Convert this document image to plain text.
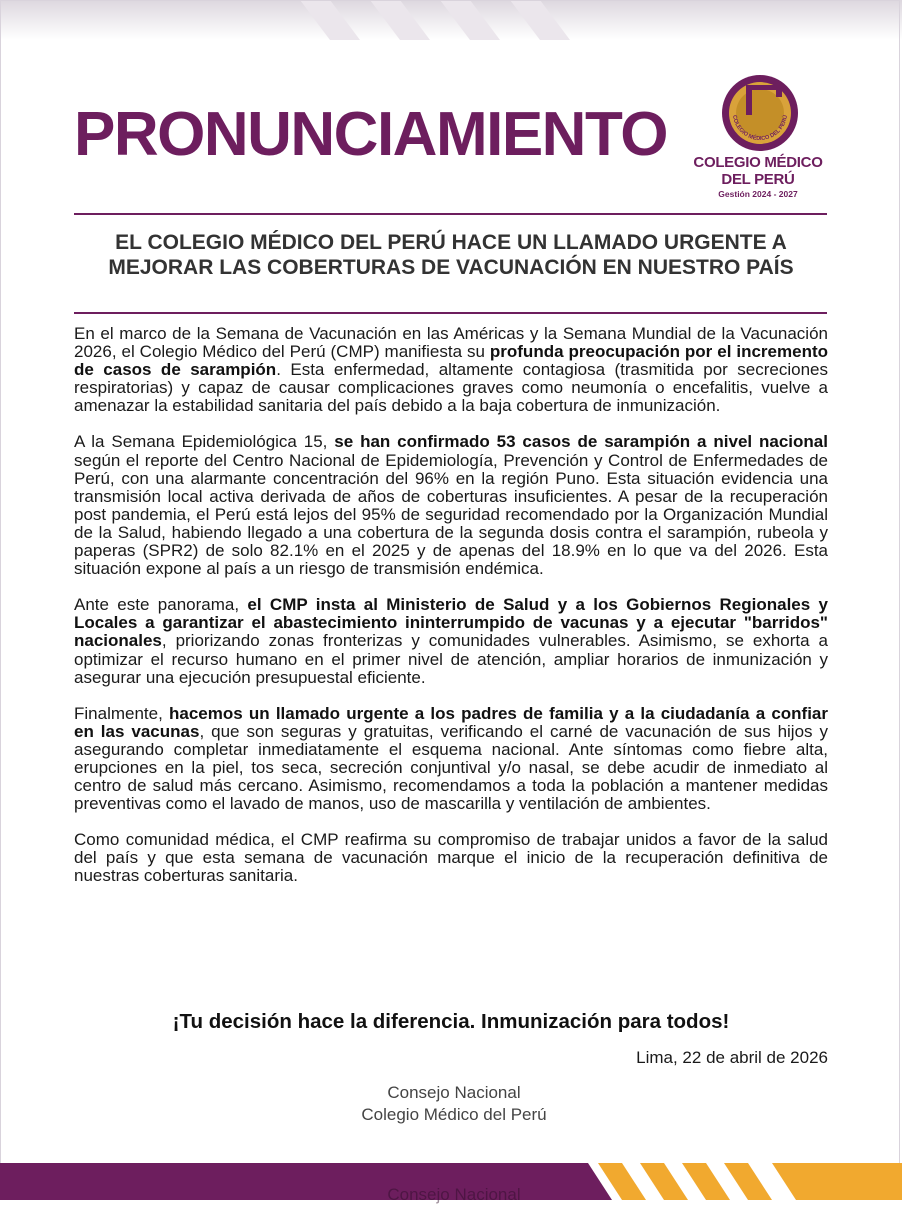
PRONUNCIAMIENTO	COLEGIO MÉDICO DEL PERÚ
COLEGIO MÉDICO
DEL PERÚ
Gestión 2024 - 2027
EL COLEGIO MÉDICO DEL PERÚ HACE UN LLAMADO URGENTE A MEJORAR LAS COBERTURAS DE VACUNACIÓN EN NUESTRO PAÍS

En el marco de la Semana de Vacunación en las Américas y la Semana Mundial de la Vacunación 2026, el Colegio Médico del Perú (CMP) manifiesta su profunda preocupación por el incremento de casos de sarampión. Esta enfermedad, altamente contagiosa (trasmitida por secreciones respiratorias) y capaz de causar complicaciones graves como neumonía o encefalitis, vuelve a amenazar la estabilidad sanitaria del país debido a la baja cobertura de inmunización.

A la Semana Epidemiológica 15, se han confirmado 53 casos de sarampión a nivel nacional según el reporte del Centro Nacional de Epidemiología, Prevención y Control de Enfermedades de Perú, con una alarmante concentración del 96% en la región Puno. Esta situación evidencia una transmisión local activa derivada de años de coberturas insuficientes. A pesar de la recuperación post pandemia, el Perú está lejos del 95% de seguridad recomendado por la Organización Mundial de la Salud, habiendo llegado a una cobertura de la segunda dosis contra el sarampión, rubeola y paperas (SPR2) de solo 82.1% en el 2025 y de apenas del 18.9% en lo que va del 2026. Esta situación expone al país a un riesgo de transmisión endémica.

Ante este panorama, el CMP insta al Ministerio de Salud y a los Gobiernos Regionales y Locales a garantizar el abastecimiento ininterrumpido de vacunas y a ejecutar "barridos" nacionales, priorizando zonas fronterizas y comunidades vulnerables. Asimismo, se exhorta a optimizar el recurso humano en el primer nivel de atención, ampliar horarios de inmunización y asegurar una ejecución presupuestal eficiente.

Finalmente, hacemos un llamado urgente a los padres de familia y a la ciudadanía a confiar en las vacunas, que son seguras y gratuitas, verificando el carné de vacunación de sus hijos y asegurando completar inmediatamente el esquema nacional. Ante síntomas como fiebre alta, erupciones en la piel, tos seca, secreción conjuntival y/o nasal, se debe acudir de inmediato al centro de salud más cercano. Asimismo, recomendamos a toda la población a mantener medidas preventivas como el lavado de manos, uso de mascarilla y ventilación de ambientes.

Como comunidad médica, el CMP reafirma su compromiso de trabajar unidos a favor de la salud del país y que esta semana de vacunación marque el inicio de la recuperación definitiva de nuestras coberturas sanitaria.

¡Tu decisión hace la diferencia. Inmunización para todos!

Lima, 22 de abril de 2026
Consejo Nacional
Colegio Médico del Perú
Consejo Nacional
